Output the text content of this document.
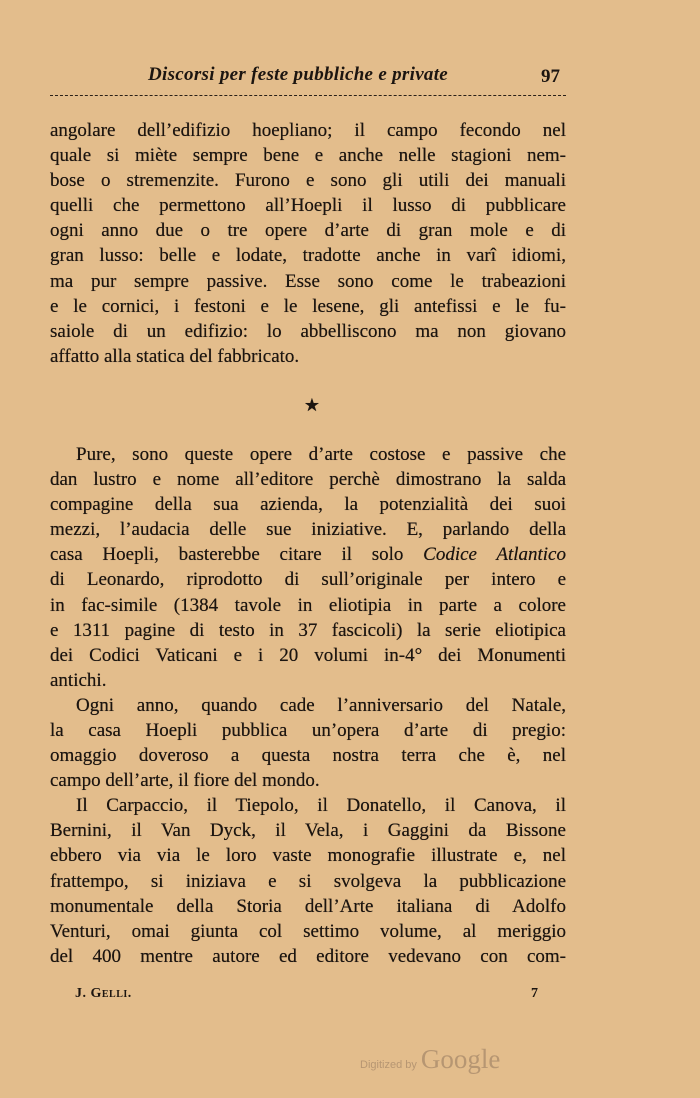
Discorsi per feste pubbliche e private	97
angolare dell’edifizio hoepliano; il campo fecondo nel
quale si miète sempre bene e anche nelle stagioni nem-
bose o stremenzite. Furono e sono gli utili dei manuali
quelli che permettono all’Hoepli il lusso di pubblicare
ogni anno due o tre opere d’arte di gran mole e di
gran lusso: belle e lodate, tradotte anche in varî idiomi,
ma pur sempre passive. Esse sono come le trabeazioni
e le cornici, i festoni e le lesene, gli antefissi e le fu-
saiole di un edifizio: lo abbelliscono ma non giovano
affatto alla statica del fabbricato.
★
Pure, sono queste opere d’arte costose e passive che
dan lustro e nome all’editore perchè dimostrano la salda
compagine della sua azienda, la potenzialità dei suoi
mezzi, l’audacia delle sue iniziative. E, parlando della
casa Hoepli, basterebbe citare il solo Codice Atlantico
di Leonardo, riprodotto di sull’originale per intero e
in fac-simile (1384 tavole in eliotipia in parte a colore
e 1311 pagine di testo in 37 fascicoli) la serie eliotipica
dei Codici Vaticani e i 20 volumi in-4° dei Monumenti
antichi.
Ogni anno, quando cade l’anniversario del Natale,
la casa Hoepli pubblica un’opera d’arte di pregio:
omaggio doveroso a questa nostra terra che è, nel
campo dell’arte, il fiore del mondo.
Il Carpaccio, il Tiepolo, il Donatello, il Canova, il
Bernini, il Van Dyck, il Vela, i Gaggini da Bissone
ebbero via via le loro vaste monografie illustrate e, nel
frattempo, si iniziava e si svolgeva la pubblicazione
monumentale della Storia dell’Arte italiana di Adolfo
Venturi, omai giunta col settimo volume, al meriggio
del 400 mentre autore ed editore vedevano con com-
J. Gelli.	7
Digitized by Google
